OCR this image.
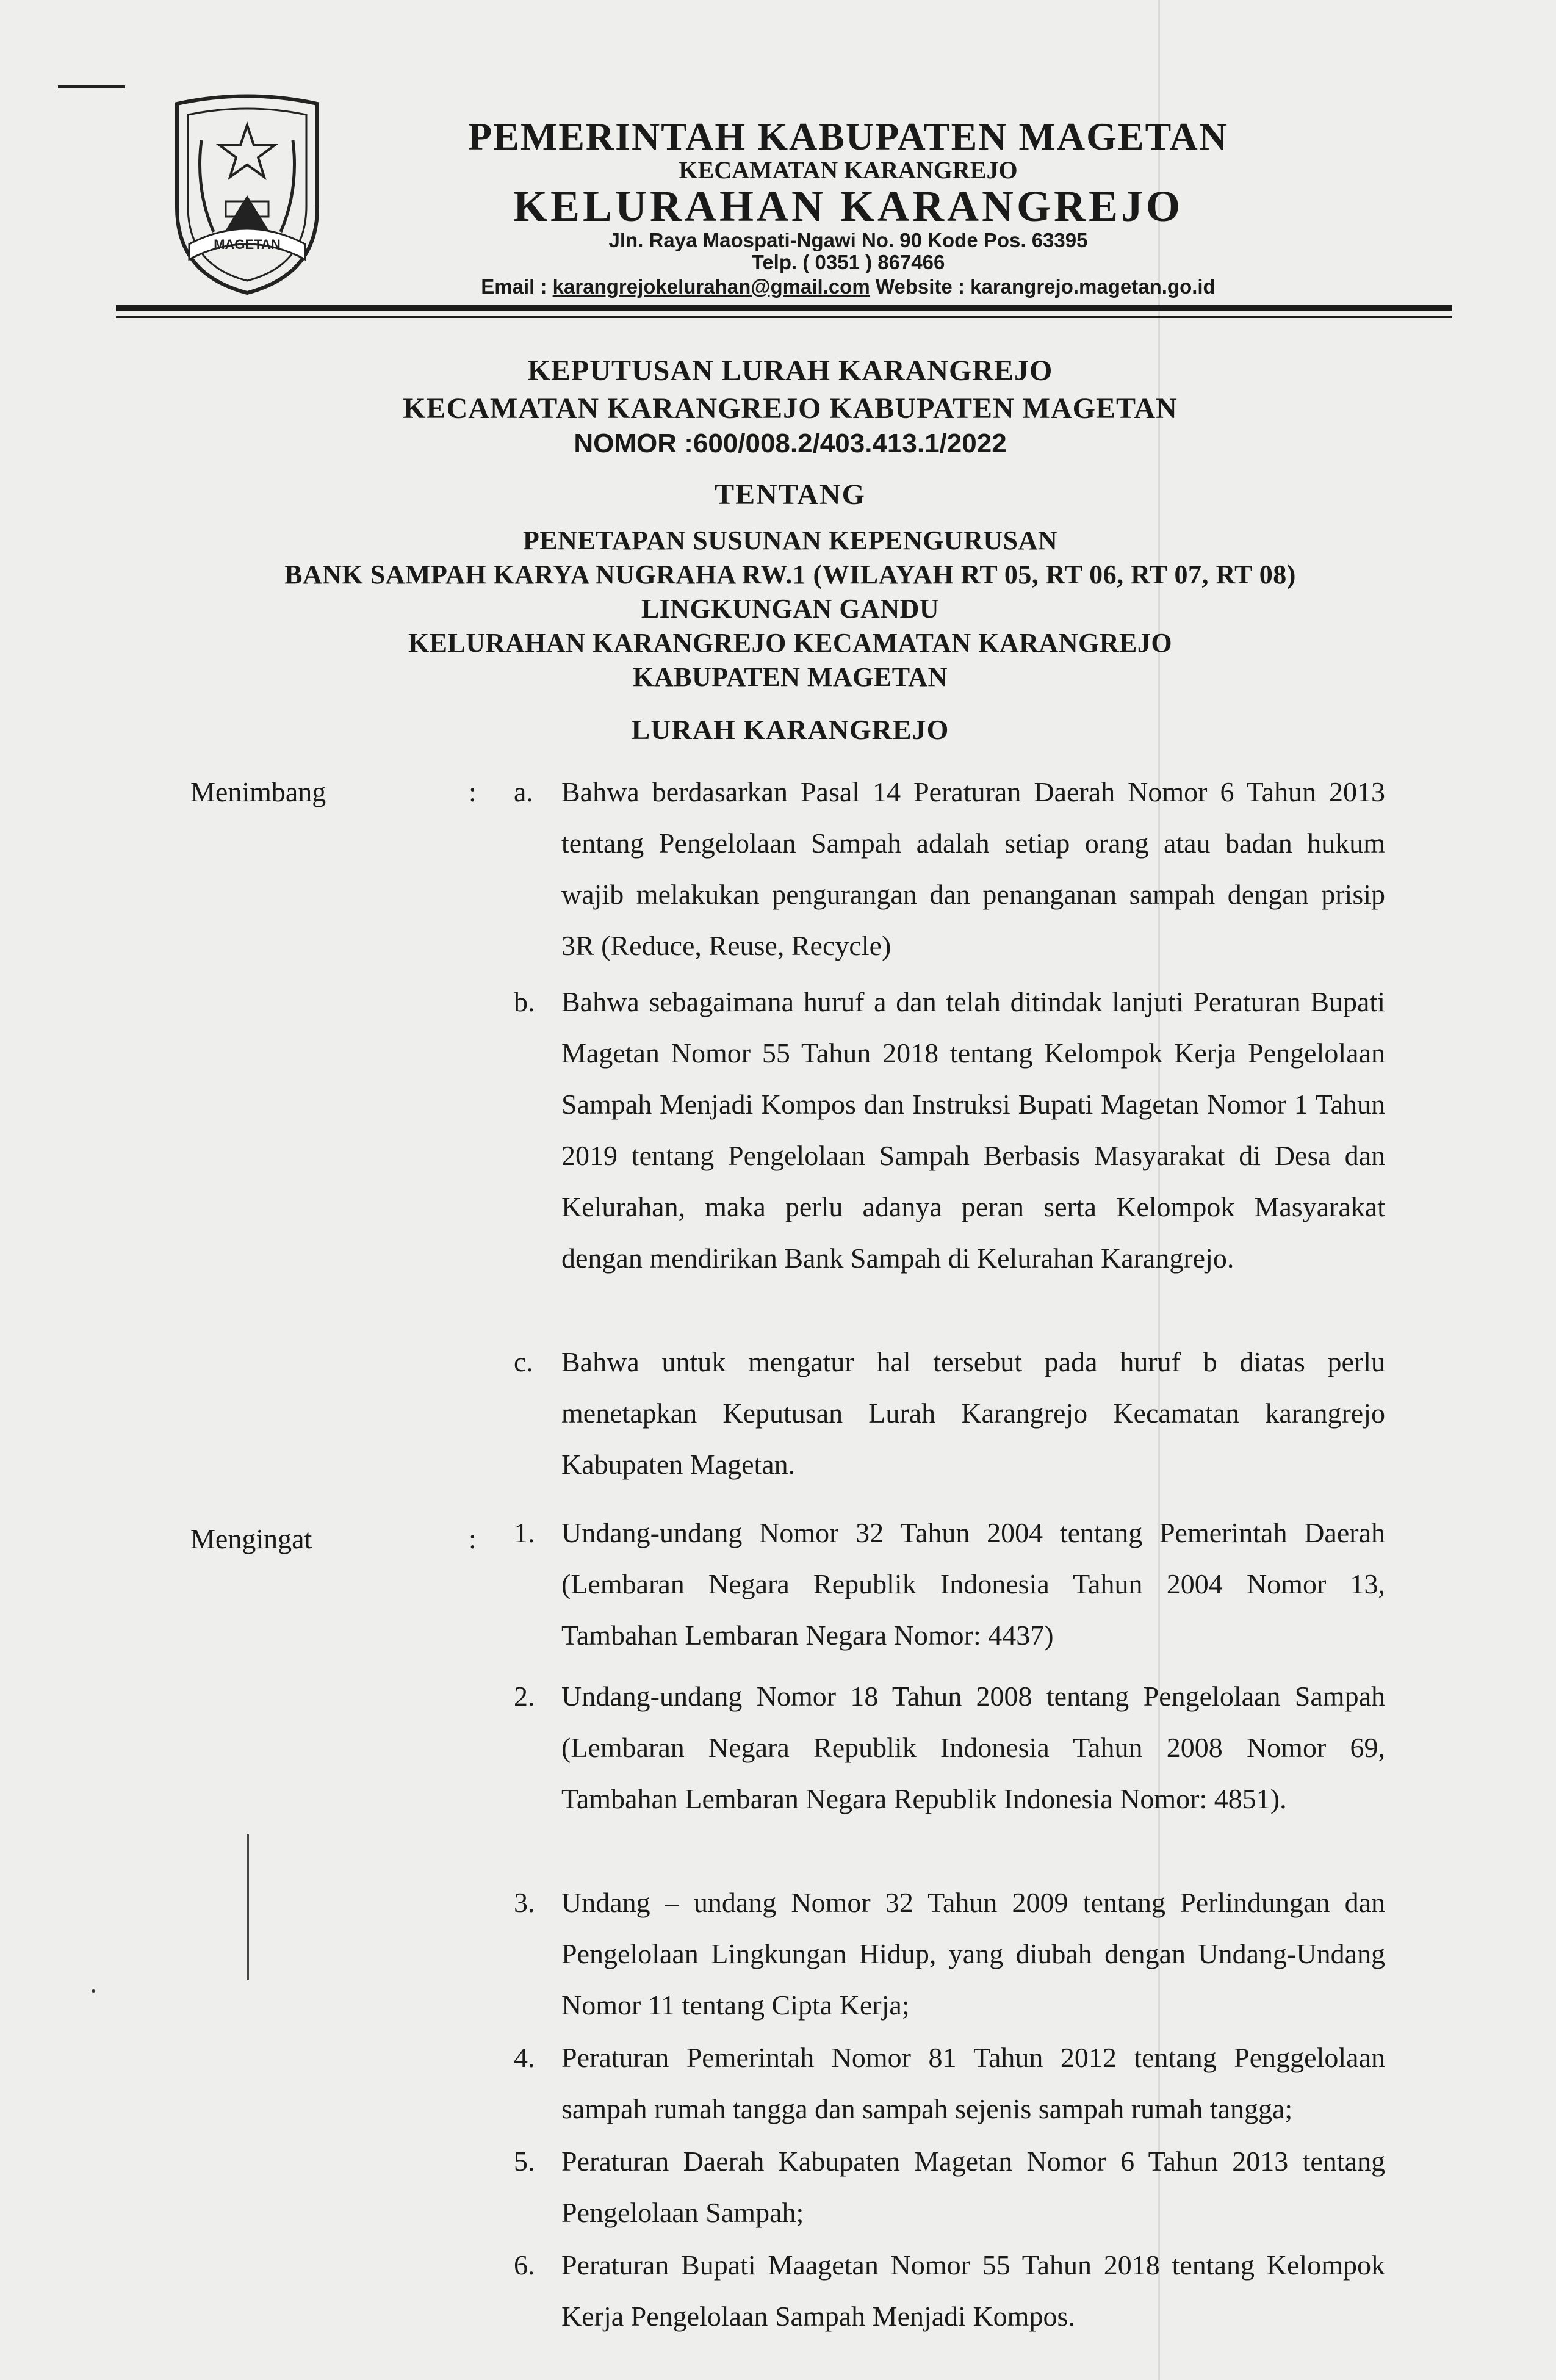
MAGETAN
PEMERINTAH KABUPATEN MAGETAN
KECAMATAN KARANGREJO
KELURAHAN KARANGREJO
Jln. Raya Maospati-Ngawi No. 90 Kode Pos. 63395
Telp. ( 0351 ) 867466
Email : karangrejokelurahan@gmail.com Website : karangrejo.magetan.go.id
KEPUTUSAN LURAH KARANGREJO
KECAMATAN KARANGREJO KABUPATEN MAGETAN
NOMOR :600/008.2/403.413.1/2022
TENTANG
PENETAPAN SUSUNAN KEPENGURUSAN
BANK SAMPAH KARYA NUGRAHA RW.1 (WILAYAH RT 05, RT 06, RT 07, RT 08)
LINGKUNGAN GANDU
KELURAHAN KARANGREJO KECAMATAN KARANGREJO
KABUPATEN MAGETAN
LURAH KARANGREJO
Menimbang	: a. Bahwa berdasarkan Pasal 14 Peraturan Daerah Nomor 6 Tahun 2013 tentang Pengelolaan Sampah adalah setiap orang atau badan hukum wajib melakukan pengurangan dan penanganan sampah dengan prisip 3R (Reduce, Reuse, Recycle)
b. Bahwa sebagaimana huruf a dan telah ditindak lanjuti Peraturan Bupati Magetan Nomor 55 Tahun 2018 tentang Kelompok Kerja Pengelolaan Sampah Menjadi Kompos dan Instruksi Bupati Magetan Nomor 1 Tahun 2019 tentang Pengelolaan Sampah Berbasis Masyarakat di Desa dan Kelurahan, maka perlu adanya peran serta Kelompok Masyarakat dengan mendirikan Bank Sampah di Kelurahan Karangrejo.
c. Bahwa untuk mengatur hal tersebut pada huruf b diatas perlu menetapkan Keputusan Lurah Karangrejo Kecamatan karangrejo Kabupaten Magetan.
Mengingat	: 1. Undang-undang Nomor 32 Tahun 2004 tentang Pemerintah Daerah (Lembaran Negara Republik Indonesia Tahun 2004 Nomor 13, Tambahan Lembaran Negara Nomor: 4437)
2. Undang-undang Nomor 18 Tahun 2008 tentang Pengelolaan Sampah (Lembaran Negara Republik Indonesia Tahun 2008 Nomor 69, Tambahan Lembaran Negara Republik Indonesia Nomor: 4851).
3. Undang – undang Nomor 32 Tahun 2009 tentang Perlindungan dan Pengelolaan Lingkungan Hidup, yang diubah dengan Undang-Undang Nomor 11 tentang Cipta Kerja;
4. Peraturan Pemerintah Nomor 81 Tahun 2012 tentang Penggelolaan sampah rumah tangga dan sampah sejenis sampah rumah tangga;
5. Peraturan Daerah Kabupaten Magetan Nomor 6 Tahun 2013 tentang Pengelolaan Sampah;
6. Peraturan Bupati Maagetan Nomor 55 Tahun 2018 tentang Kelompok Kerja Pengelolaan Sampah Menjadi Kompos.
